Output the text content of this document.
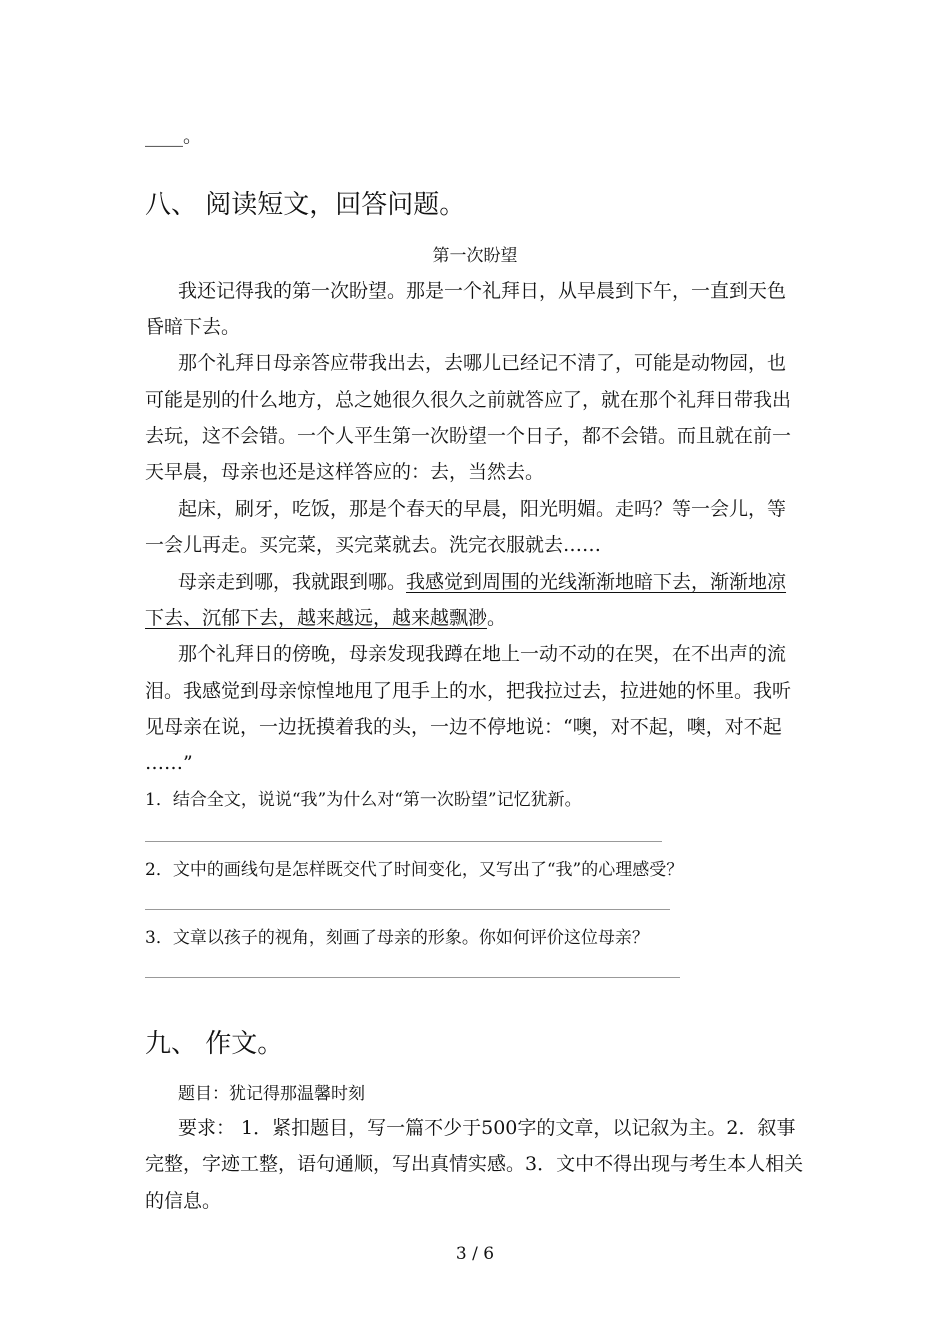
____。
八、 阅读短文，回答问题。
第一次盼望
我还记得我的第一次盼望。那是一个礼拜日，从早晨到下午，一直到天色
昏暗下去。
那个礼拜日母亲答应带我出去，去哪儿已经记不清了，可能是动物园，也
可能是别的什么地方，总之她很久很久之前就答应了，就在那个礼拜日带我出
去玩，这不会错。一个人平生第一次盼望一个日子，都不会错。而且就在前一
天早晨，母亲也还是这样答应的：去，当然去。
起床，刷牙，吃饭，那是个春天的早晨，阳光明媚。走吗？等一会儿，等
一会儿再走。买完菜，买完菜就去。洗完衣服就去……
母亲走到哪，我就跟到哪。我感觉到周围的光线渐渐地暗下去，渐渐地凉
下去、沉郁下去，越来越远，越来越飘渺。
那个礼拜日的傍晚，母亲发现我蹲在地上一动不动的在哭，在不出声的流
泪。我感觉到母亲惊惶地甩了甩手上的水，把我拉过去，拉进她的怀里。我听
见母亲在说，一边抚摸着我的头，一边不停地说：“噢，对不起，噢，对不起
……”
1．结合全文，说说“我”为什么对“第一次盼望”记忆犹新。
2．文中的画线句是怎样既交代了时间变化，又写出了“我”的心理感受？
3．文章以孩子的视角，刻画了母亲的形象。你如何评价这位母亲？
九、 作文。
题目：犹记得那温馨时刻
要求： 1．紧扣题目，写一篇不少于500字的文章，以记叙为主。2．叙事
完整，字迹工整，语句通顺，写出真情实感。3．文中不得出现与考生本人相关
的信息。
3 / 6
